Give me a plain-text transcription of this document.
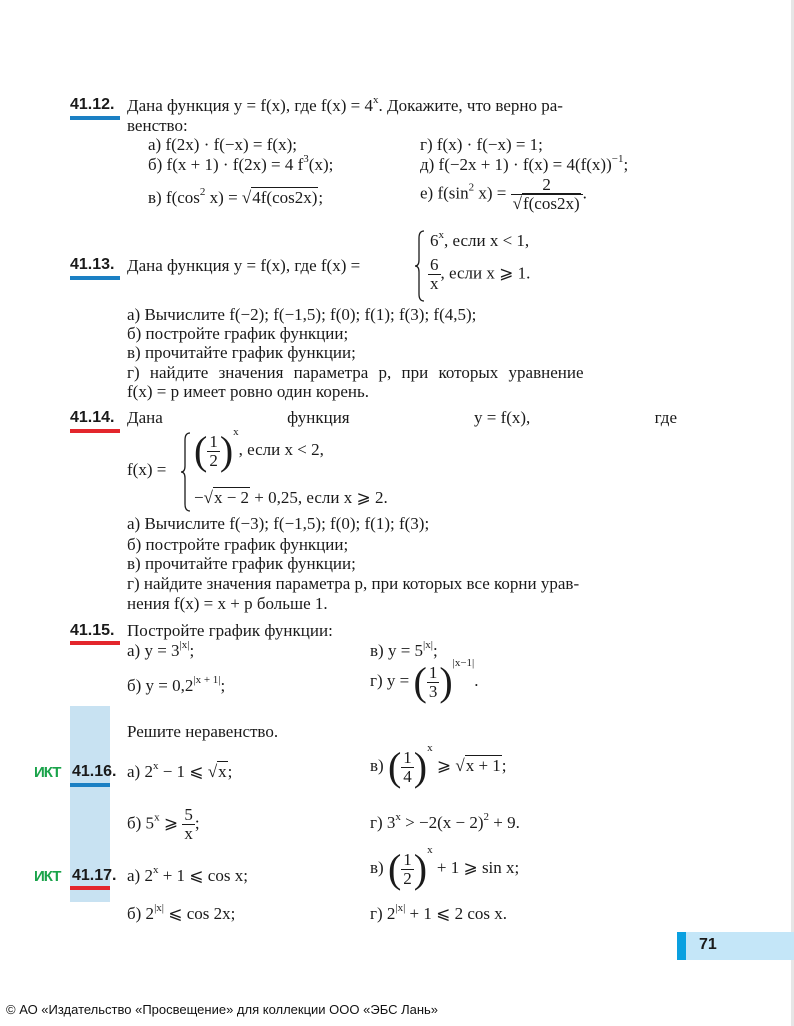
41.12. Дана функция y = f(x), где $f(x) = 4^x$. Докажите, что верно ра-
венство:
а) f(2x) · f(−x) = f(x);	г) f(x) · f(−x) = 1;
б) f(x + 1) · f(2x) = 4 $f^3(x)$;	д) $f(-2x + 1) \cdot f(x) = 4(f(x))^{-1}$;
в) $f(\cos^2$ x) = √4f(cos2x);	е) $f(\sin^2$ $x) = \frac{2}{√f(\cos 2x)}$ .
41.13. Дана функция y = f(x), где f(x) =
$6^x$, если x < 1,
$\frac{6}{x}$ , если x ⩾ 1.
а) Вычислите f(−2); f(−1,5); f(0); f(1); f(3); f(4,5);
б) постройте график функции;
в) прочитайте график функции;
г) найдите значения параметра p, при которых уравнение
f(x) = p имеет ровно один корень.
41.14. Дана	функция	y = f(x),	где
f(x) = ( $\frac{1}{2} )^x$, если x < 2,
−√x − 2 + 0,25, если x ⩾ 2.
а) Вычислите f(−3); f(−1,5); f(0); f(1); f(3);
б) постройте график функции;
в) прочитайте график функции;
г) найдите значения параметра p, при которых все корни урав-
нения f(x) = x + p больше 1.
41.15. Постройте график функции:
а) $y = 3^{|x|}$;	в) $y = 5^{|x|}$;
б) $y = 0,2^{|x + 1|}$;	г) y = ( $\frac{1}{3} )^{|x-1|}$.
Решите неравенство.
ИКТ 41.16. а) $2^x - 1$ ⩽ √x;	в) ( $\frac{1}{4} )^x$ ⩾ √x + 1;
б) 5$^x$ ⩾ $\frac{5}{x}$ ;	г) $3^x > -2(x - 2)^2 + 9$.
ИКТ 41.17. а) $2^x + 1$ ⩽ cos x;	в) ( $\frac{1}{2} )^x + 1$ ⩾ sin x;
б) $2^{|x|}$ ⩽ cos 2x;	г) $2^{|x|} + 1$ ⩽ 2 cos x.
71
© АО «Издательство «Просвещение» для коллекции ООО «ЭБС Лань»
